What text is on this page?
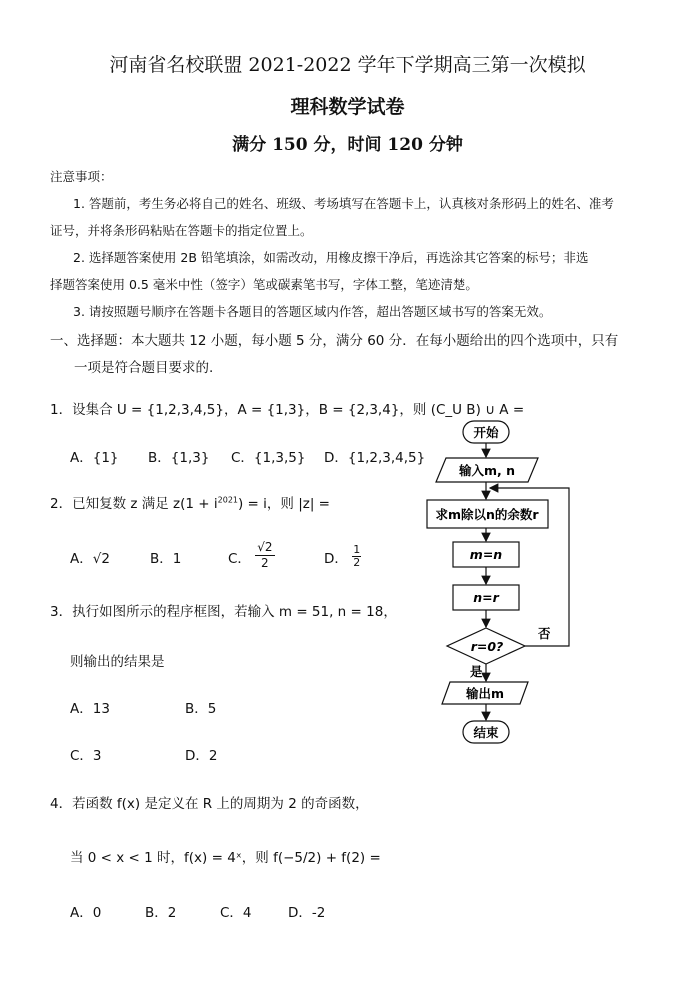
河南省名校联盟 2021-2022 学年下学期高三第一次模拟
理科数学试卷
满分 150 分，时间 120 分钟
注意事项：
1. 答题前，考生务必将自己的姓名、班级、考场填写在答题卡上，认真核对条形码上的姓名、准考
证号，并将条形码粘贴在答题卡的指定位置上。
2. 选择题答案使用 2B 铅笔填涂，如需改动，用橡皮擦干净后，再选涂其它答案的标号；非选
择题答案使用 0.5 毫米中性（签字）笔或碳素笔书写，字体工整，笔迹清楚。
3. 请按照题号顺序在答题卡各题目的答题区域内作答，超出答题区域书写的答案无效。
一、选择题：本大题共 12 小题，每小题 5 分，满分 60 分．在每小题给出的四个选项中，只有
一项是符合题目要求的.
1．设集合 U = {1,2,3,4,5}，A = {1,3}，B = {2,3,4}，则 (C_U B) ∪ A =
A．{1} B．{1,3} C．{1,3,5} D．{1,2,3,4,5}
2．已知复数 z 满足 $z(1 + i^{2021}) = i$，则 |z| =
A．√2	B．1	C． $\frac{√2}{2}$	D． $\frac{1}{2}$
3．执行如图所示的程序框图，若输入 m = 51, n = 18，
则输出的结果是
A．13	B．5
C．3	D．2
4．若函数 f(x) 是定义在 R 上的周期为 2 的奇函数，
当 0 < x < 1 时，f(x) = 4ˣ，则 f(−5/2) + f(2) =
A．0	B．2	C．4	D．-2
开始
输入m, n
求m除以n的余数r
m=n
n=r
r=0?
否
是
输出m
结束
